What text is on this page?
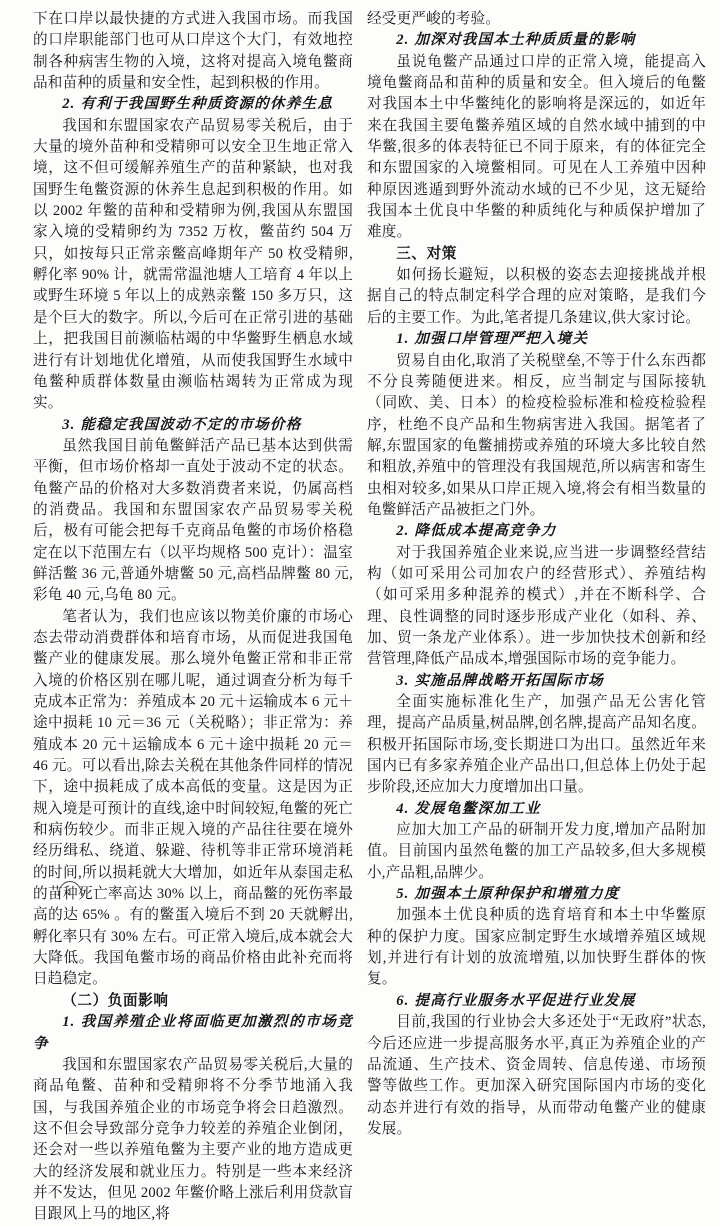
下在口岸以最快捷的方式进入我国市场。而我国的口岸职能部门也可从口岸这个大门，有效地控制各种病害生物的入境，这将对提高入境龟鳖商品和苗种的质量和安全性，起到积极的作用。

2. 有利于我国野生种质资源的休养生息

我国和东盟国家农产品贸易零关税后，由于大量的境外苗种和受精卵可以安全卫生地正常入境，这不但可缓解养殖生产的苗种紧缺，也对我国野生龟鳖资源的休养生息起到积极的作用。如以 2002 年鳖的苗种和受精卵为例,我国从东盟国家入境的受精卵约为 7352 万枚，鳖苗约 504 万只，如按每只正常亲鳖高峰期年产 50 枚受精卵,孵化率 90% 计，就需常温池塘人工培育 4 年以上或野生环境 5 年以上的成熟亲鳖 150 多万只，这是个巨大的数字。所以,今后可在正常引进的基础上，把我国目前濒临枯竭的中华鳖野生栖息水域进行有计划地优化增殖，从而使我国野生水域中龟鳖种质群体数量由濒临枯竭转为正常成为现实。

3. 能稳定我国波动不定的市场价格

虽然我国目前龟鳖鲜活产品已基本达到供需平衡，但市场价格却一直处于波动不定的状态。龟鳖产品的价格对大多数消费者来说，仍属高档的消费品。我国和东盟国家农产品贸易零关税后，极有可能会把每千克商品龟鳖的市场价格稳定在以下范围左右（以平均规格 500 克计）：温室鲜活鳖 36 元,普通外塘鳖 50 元,高档品牌鳖 80 元,彩龟 40 元,乌龟 80 元。

笔者认为，我们也应该以物美价廉的市场心态去带动消费群体和培育市场，从而促进我国龟鳖产业的健康发展。那么境外龟鳖正常和非正常入境的价格区别在哪儿呢，通过调查分析为每千克成本正常为：养殖成本 20 元＋运输成本 6 元＋途中损耗 10 元＝36 元（关税略）；非正常为：养殖成本 20 元＋运输成本 6 元＋途中损耗 20 元＝46 元。可以看出,除去关税在其他条件同样的情况下，途中损耗成了成本高低的变量。这是因为正规入境是可预计的直线,途中时间较短,龟鳖的死亡和病伤较少。而非正规入境的产品往往要在境外经历缉私、绕道、躲避、待机等非正常环境消耗的时间,所以损耗就大大增加，如近年从泰国走私的苗种死亡率高达 30% 以上，商品鳖的死伤率最高的达 65% 。有的鳖蛋入境后不到 20 天就孵出,孵化率只有 30% 左右。可正常入境后,成本就会大大降低。我国龟鳖市场的商品价格由此补充而将日趋稳定。

（二）负面影响

1. 我国养殖企业将面临更加激烈的市场竞争

我国和东盟国家农产品贸易零关税后,大量的商品龟鳖、苗种和受精卵将不分季节地涌入我国，与我国养殖企业的市场竞争将会日趋激烈。这不但会导致部分竞争力较差的养殖企业倒闭，还会对一些以养殖龟鳖为主要产业的地方造成更大的经济发展和就业压力。特别是一些本来经济并不发达，但见 2002 年鳖价略上涨后利用贷款盲目跟风上马的地区,将

经受更严峻的考验。

2. 加深对我国本土种质质量的影响

虽说龟鳖产品通过口岸的正常入境，能提高入境龟鳖商品和苗种的质量和安全。但入境后的龟鳖对我国本土中华鳖纯化的影响将是深远的，如近年来在我国主要龟鳖养殖区域的自然水域中捕到的中华鳖,很多的体表特征已不同于原来，有的体征完全和东盟国家的入境鳖相同。可见在人工养殖中因种种原因逃遁到野外流动水域的已不少见，这无疑给我国本土优良中华鳖的种质纯化与种质保护增加了难度。

三、对策

如何扬长避短，以积极的姿态去迎接挑战并根据自己的特点制定科学合理的应对策略，是我们今后的主要工作。为此,笔者提几条建议,供大家讨论。

1. 加强口岸管理严把入境关

贸易自由化,取消了关税壁垒,不等于什么东西都不分良莠随便进来。相反，应当制定与国际接轨（同欧、美、日本）的检疫检验标准和检疫检验程序，杜绝不良产品和生物病害进入我国。据笔者了解,东盟国家的龟鳖捕捞或养殖的环境大多比较自然和粗放,养殖中的管理没有我国规范,所以病害和寄生虫相对较多,如果从口岸正规入境,将会有相当数量的龟鳖鲜活产品被拒之门外。

2. 降低成本提高竞争力

对于我国养殖企业来说,应当进一步调整经营结构（如可采用公司加农户的经营形式）、养殖结构（如可采用多种混养的模式）,并在不断科学、合理、良性调整的同时逐步形成产业化（如科、养、加、贸一条龙产业体系）。进一步加快技术创新和经营管理,降低产品成本,增强国际市场的竞争能力。

3. 实施品牌战略开拓国际市场

全面实施标准化生产，加强产品无公害化管理，提高产品质量,树品牌,创名牌,提高产品知名度。积极开拓国际市场,变长期进口为出口。虽然近年来国内已有多家养殖企业产品出口,但总体上仍处于起步阶段,还应加大力度增加出口量。

4. 发展龟鳖深加工业

应加大加工产品的研制开发力度,增加产品附加值。目前国内虽然龟鳖的加工产品较多,但大多规模小,产品粗,品牌少。

5. 加强本土原种保护和增殖力度

加强本土优良种质的选育培育和本土中华鳖原种的保护力度。国家应制定野生水域增养殖区域规划,并进行有计划的放流增殖,以加快野生群体的恢复。

6. 提高行业服务水平促进行业发展

目前,我国的行业协会大多还处于“无政府”状态,今后还应进一步提高服务水平,真正为养殖企业的产品流通、生产技术、资金周转、信息传递、市场预警等做些工作。更加深入研究国际国内市场的变化动态并进行有效的指导，从而带动龟鳖产业的健康发展。
